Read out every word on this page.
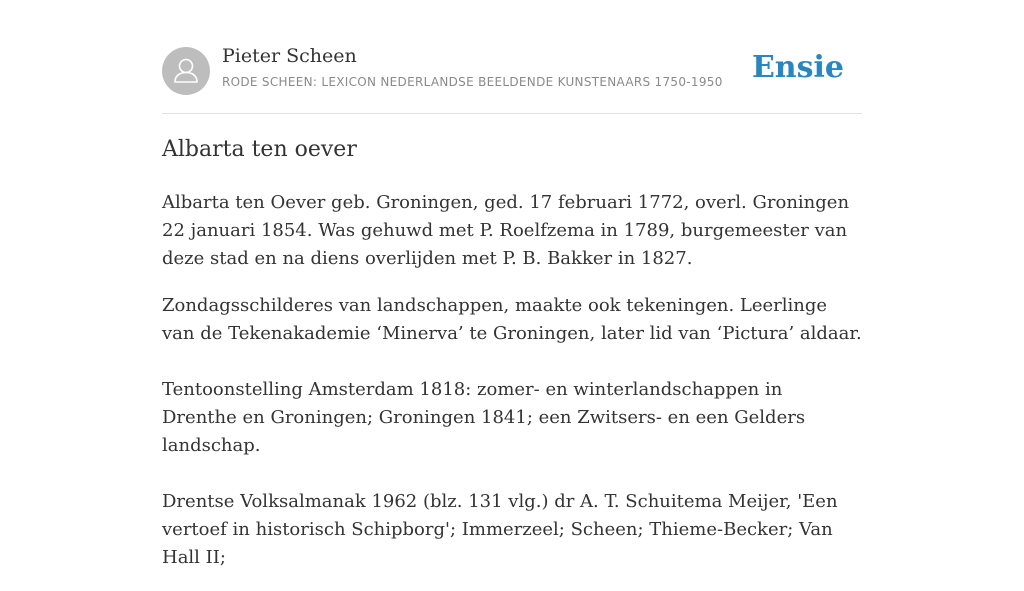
Pieter Scheen
RODE SCHEEN: LEXICON NEDERLANDSE BEELDENDE KUNSTENAARS 1750-1950 Ensie
Albarta ten oever

Albarta ten Oever geb. Groningen, ged. 17 februari 1772, overl. Groningen 22 januari 1854. Was gehuwd met P. Roelfzema in 1789, burgemeester van deze stad en na diens overlijden met P. B. Bakker in 1827.

Zondagsschilderes van landschappen, maakte ook tekeningen. Leerlinge van de Tekenakademie ‘Minerva’ te Groningen, later lid van ‘Pictura’ aldaar.

Tentoonstelling Amsterdam 1818: zomer- en winterlandschappen in Drenthe en Groningen; Groningen 1841; een Zwitsers- en een Gelders landschap.

Drentse Volksalmanak 1962 (blz. 131 vlg.) dr A. T. Schuitema Meijer, 'Een vertoef in historisch Schipborg'; Immerzeel; Scheen; Thieme-Becker; Van Hall II;
